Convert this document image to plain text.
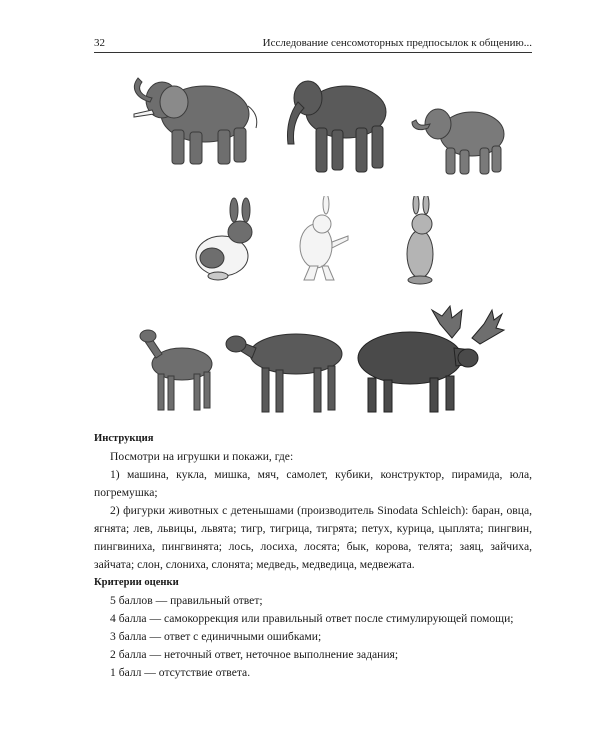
32	Исследование сенсомоторных предпосылок к общению...
Инструкция
Посмотри на игрушки и покажи, где:
1) машина, кукла, мишка, мяч, самолет, кубики, конструктор, пирамида, юла, погремушка;
2) фигурки животных с детенышами (производитель Sinodata Schleich): баран, овца, ягнята; лев, львицы, львята; тигр, тигрица, тигрята; петух, курица, цыплята; пингвин, пингвиниха, пингвинята; лось, лосиха, лосята; бык, корова, телята; заяц, зайчиха, зайчата; слон, слониха, слонята; медведь, медведица, медвежата.
Критерии оценки
5 баллов — правильный ответ;
4 балла — самокоррекция или правильный ответ после стимулирующей помощи;
3 балла — ответ с единичными ошибками;
2 балла — неточный ответ, неточное выполнение задания;
1 балл — отсутствие ответа.
